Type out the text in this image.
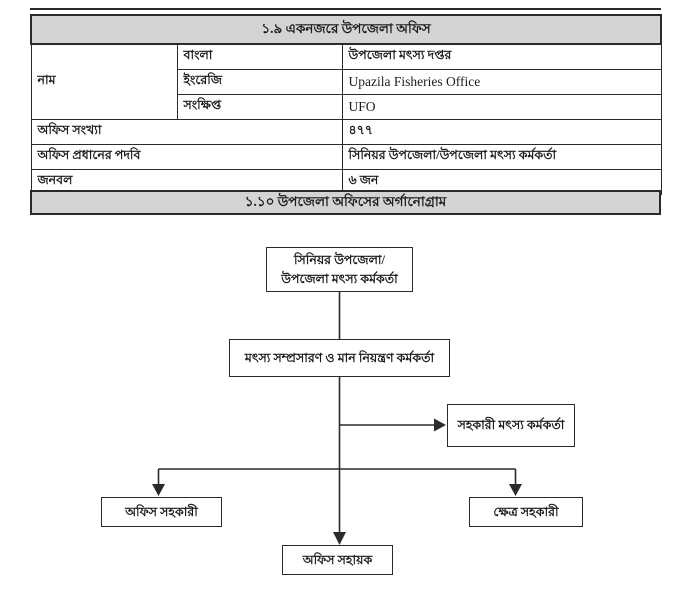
১.৯ একনজরে উপজেলা অফিস		
নাম	বাংলা	উপজেলা মৎস্য দপ্তর
	ইংরেজি	Upazila Fisheries Office
	সংক্ষিপ্ত	UFO
অফিস সংখ্যা		৪৭৭
অফিস প্রধানের পদবি		সিনিয়র উপজেলা/উপজেলা মৎস্য কর্মকর্তা
জনবল		৬ জন
১.১০ উপজেলা অফিসের অর্গানোগ্রাম
সিনিয়র উপজেলা/
উপজেলা মৎস্য কর্মকর্তা
মৎস্য সম্প্রসারণ ও মান নিয়ন্ত্রণ কর্মকর্তা
সহকারী মৎস্য কর্মকর্তা
অফিস সহকারী	ক্ষেত্র সহকারী
অফিস সহায়ক
